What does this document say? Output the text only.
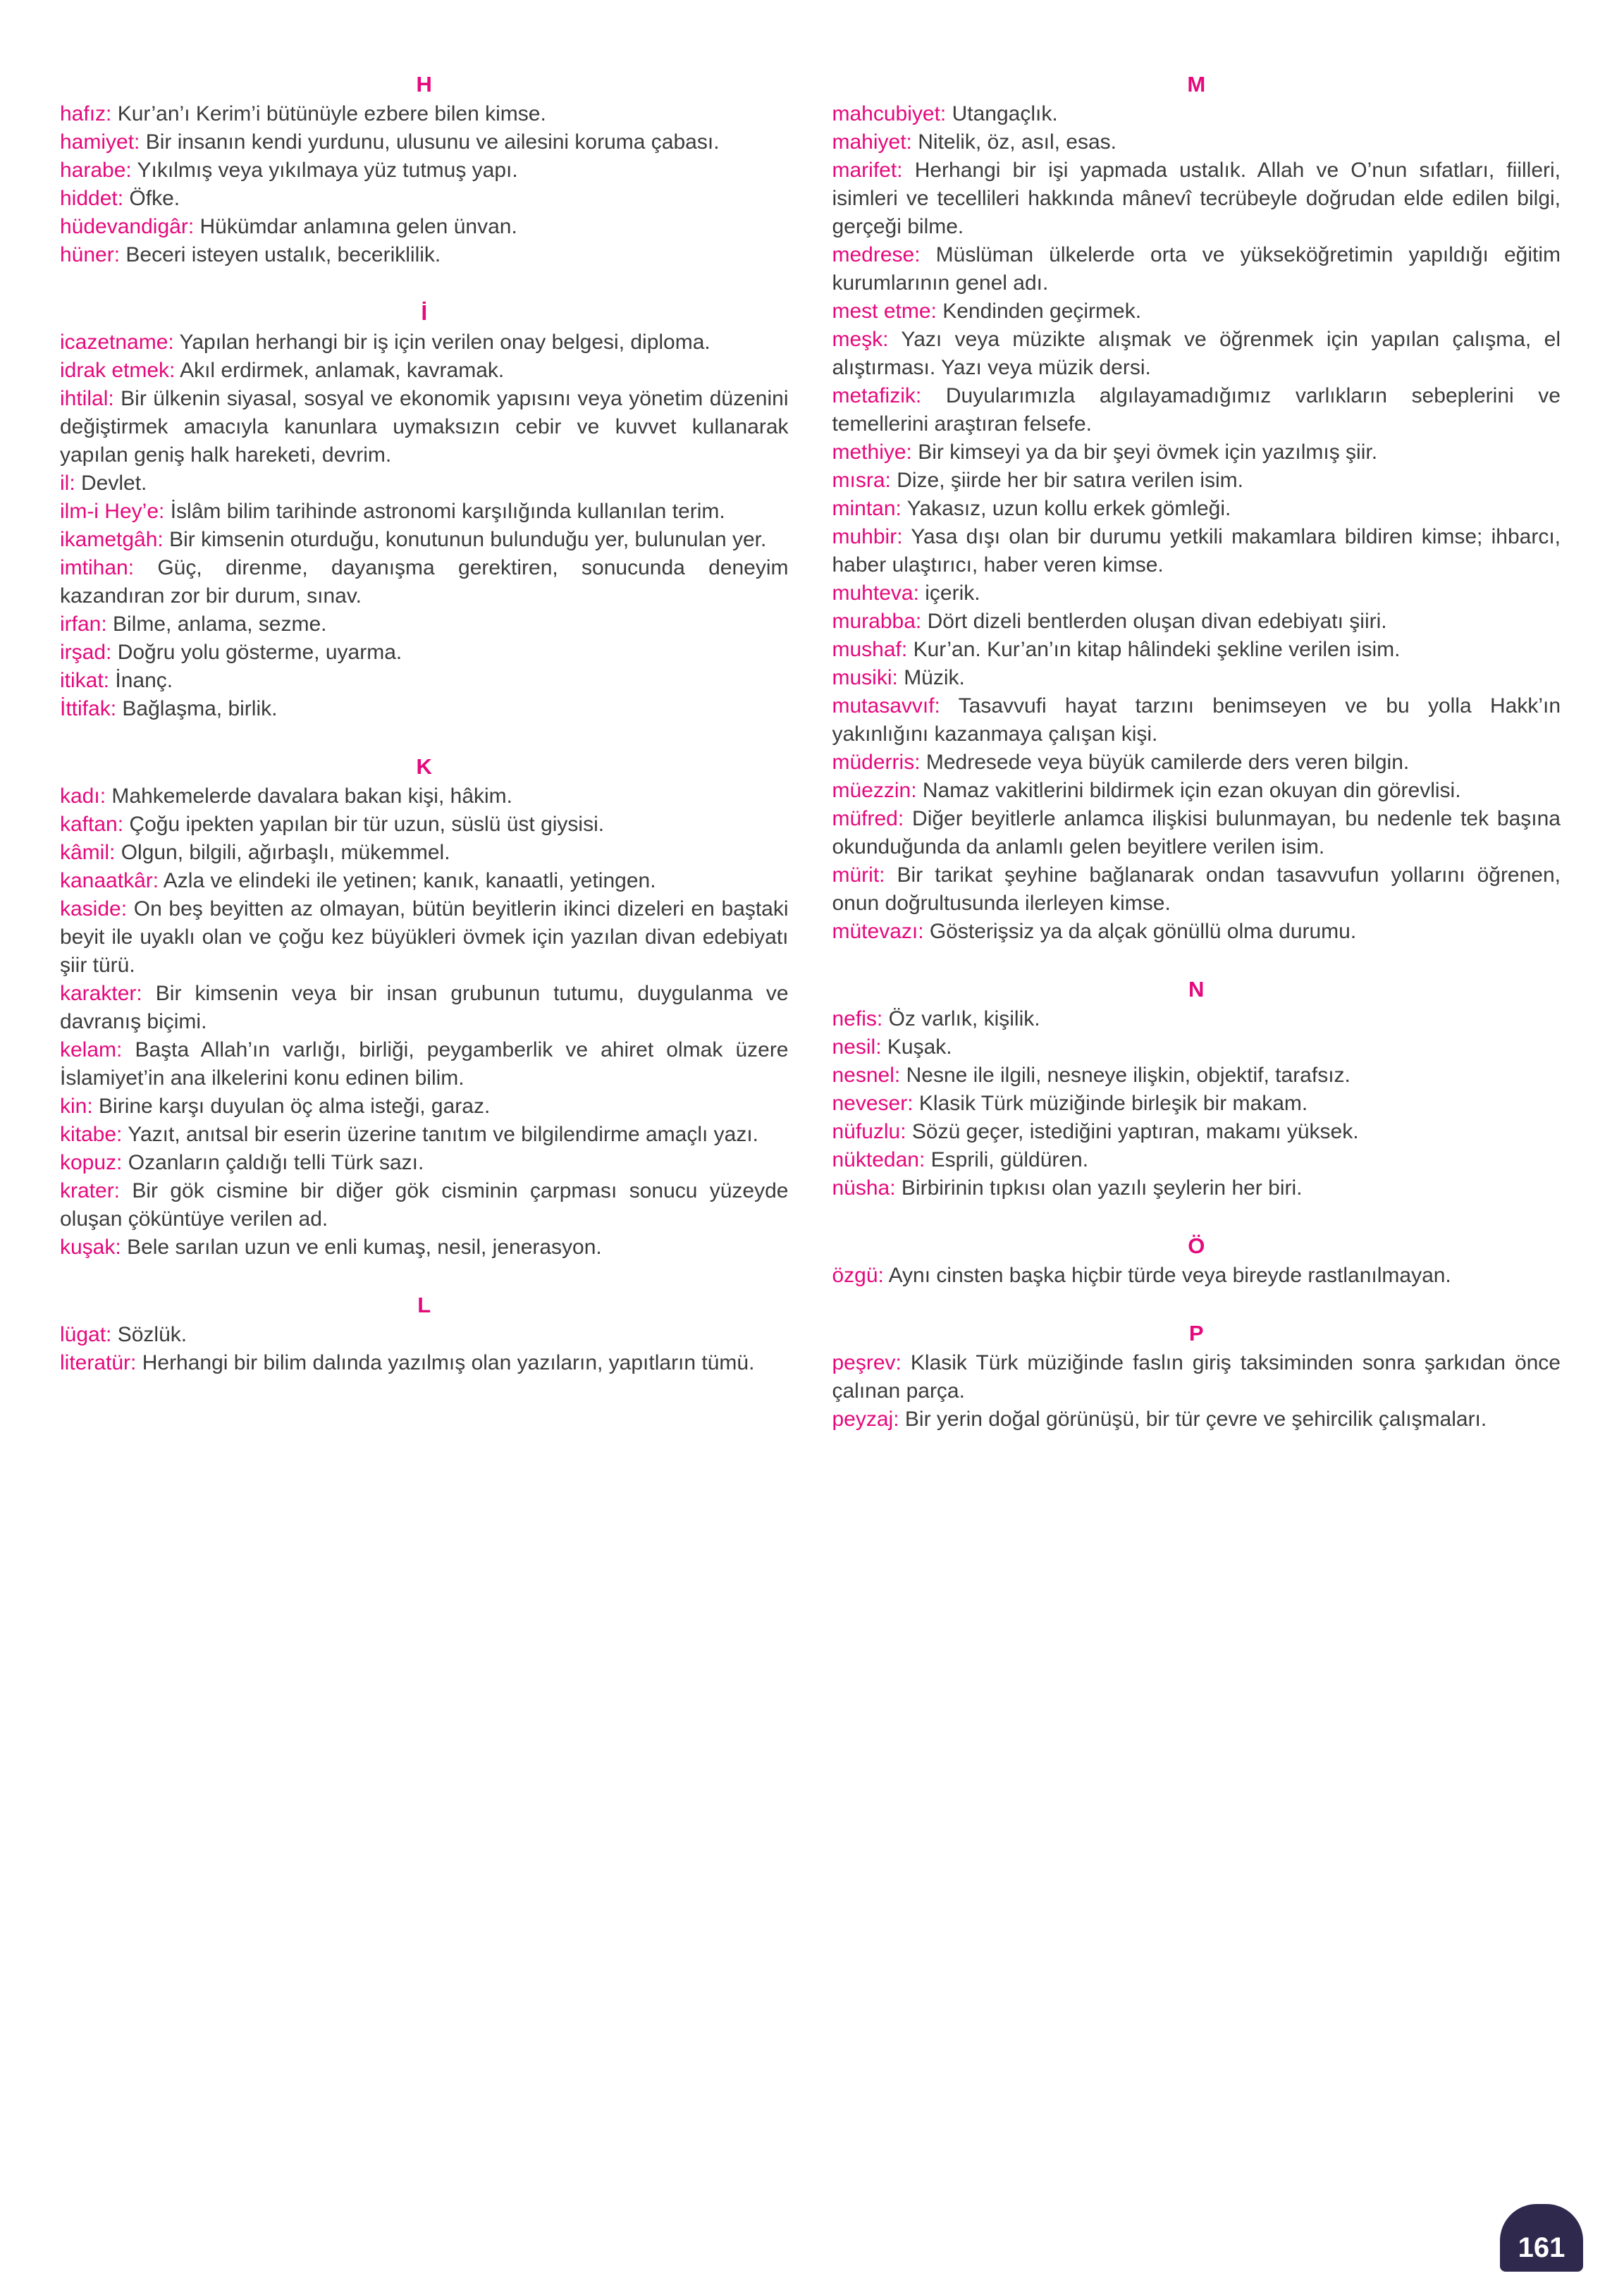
H

hafız: Kur’an’ı Kerim’i bütünüyle ezbere bilen kimse.

hamiyet: Bir insanın kendi yurdunu, ulusunu ve ailesini koruma çabası.

harabe: Yıkılmış veya yıkılmaya yüz tutmuş yapı.

hiddet: Öfke.

hüdevandigâr: Hükümdar anlamına gelen ünvan.

hüner: Beceri isteyen ustalık, beceriklilik.

İ

icazetname: Yapılan herhangi bir iş için verilen onay belgesi, diploma.

idrak etmek: Akıl erdirmek, anlamak, kavramak.

ihtilal: Bir ülkenin siyasal, sosyal ve ekonomik yapısını veya yönetim düzenini değiştirmek amacıyla kanunlara uymaksızın cebir ve kuvvet kullanarak yapılan geniş halk hareketi, devrim.

il: Devlet.

ilm-i Hey’e: İslâm bilim tarihinde astronomi karşılığında kullanılan terim.

ikametgâh: Bir kimsenin oturduğu, konutunun bulunduğu yer, bulunulan yer.

imtihan: Güç, direnme, dayanışma gerektiren, sonucunda deneyim kazandıran zor bir durum, sınav.

irfan: Bilme, anlama, sezme.

irşad: Doğru yolu gösterme, uyarma.

itikat: İnanç.

İttifak: Bağlaşma, birlik.

K

kadı: Mahkemelerde davalara bakan kişi, hâkim.

kaftan: Çoğu ipekten yapılan bir tür uzun, süslü üst giysisi.

kâmil: Olgun, bilgili, ağırbaşlı, mükemmel.

kanaatkâr: Azla ve elindeki ile yetinen; kanık, kanaatli, yetingen.

kaside: On beş beyitten az olmayan, bütün beyitlerin ikinci dizeleri en baştaki beyit ile uyaklı olan ve çoğu kez büyükleri övmek için yazılan divan edebiyatı şiir türü.

karakter: Bir kimsenin veya bir insan grubunun tutumu, duygulanma ve davranış biçimi.

kelam: Başta Allah’ın varlığı, birliği, peygamberlik ve ahiret olmak üzere İslamiyet’in ana ilkelerini konu edinen bilim.

kin: Birine karşı duyulan öç alma isteği, garaz.

kitabe: Yazıt, anıtsal bir eserin üzerine tanıtım ve bilgilendirme amaçlı yazı.

kopuz: Ozanların çaldığı telli Türk sazı.

krater: Bir gök cismine bir diğer gök cisminin çarpması sonucu yüzeyde oluşan çöküntüye verilen ad.

kuşak: Bele sarılan uzun ve enli kumaş, nesil, jenerasyon.

L

lügat: Sözlük.

literatür: Herhangi bir bilim dalında yazılmış olan yazıların, yapıtların tümü.

M

mahcubiyet: Utangaçlık.

mahiyet: Nitelik, öz, asıl, esas.

marifet: Herhangi bir işi yapmada ustalık. Allah ve O’nun sıfatları, fiilleri, isimleri ve tecellileri hakkında mânevî tecrübeyle doğrudan elde edilen bilgi, gerçeği bilme.

medrese: Müslüman ülkelerde orta ve yükseköğretimin yapıldığı eğitim kurumlarının genel adı.

mest etme: Kendinden geçirmek.

meşk: Yazı veya müzikte alışmak ve öğrenmek için yapılan çalışma, el alıştırması. Yazı veya müzik dersi.

metafizik: Duyularımızla algılayamadığımız varlıkların sebeplerini ve temellerini araştıran felsefe.

methiye: Bir kimseyi ya da bir şeyi övmek için yazılmış şiir.

mısra: Dize, şiirde her bir satıra verilen isim.

mintan: Yakasız, uzun kollu erkek gömleği.

muhbir: Yasa dışı olan bir durumu yetkili makamlara bildiren kimse; ihbarcı, haber ulaştırıcı, haber veren kimse.

muhteva: içerik.

murabba: Dört dizeli bentlerden oluşan divan edebiyatı şiiri.

mushaf: Kur’an. Kur’an’ın kitap hâlindeki şekline verilen isim.

musiki: Müzik.

mutasavvıf: Tasavvufi hayat tarzını benimseyen ve bu yolla Hakk’ın yakınlığını kazanmaya çalışan kişi.

müderris: Medresede veya büyük camilerde ders veren bilgin.

müezzin: Namaz vakitlerini bildirmek için ezan okuyan din görevlisi.

müfred: Diğer beyitlerle anlamca ilişkisi bulunmayan, bu nedenle tek başına okunduğunda da anlamlı gelen beyitlere verilen isim.

mürit: Bir tarikat şeyhine bağlanarak ondan tasavvufun yollarını öğrenen, onun doğrultusunda ilerleyen kimse.

mütevazı: Gösterişsiz ya da alçak gönüllü olma durumu.

N

nefis: Öz varlık, kişilik.

nesil: Kuşak.

nesnel: Nesne ile ilgili, nesneye ilişkin, objektif, tarafsız.

neveser: Klasik Türk müziğinde birleşik bir makam.

nüfuzlu: Sözü geçer, istediğini yaptıran, makamı yüksek.

nüktedan: Esprili, güldüren.

nüsha: Birbirinin tıpkısı olan yazılı şeylerin her biri.

Ö

özgü: Aynı cinsten başka hiçbir türde veya bireyde rastlanılmayan.

P

peşrev: Klasik Türk müziğinde faslın giriş taksiminden sonra şarkıdan önce çalınan parça.

peyzaj: Bir yerin doğal görünüşü, bir tür çevre ve şehircilik çalışmaları.

161
